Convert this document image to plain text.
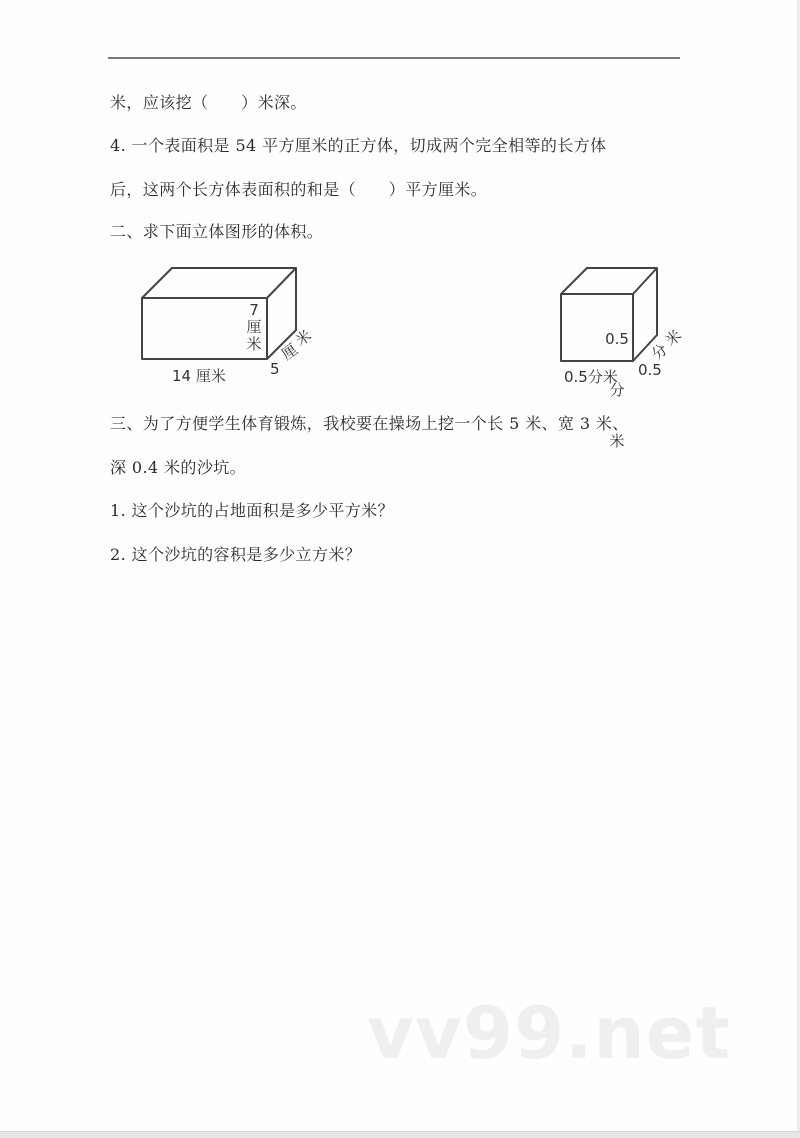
米，应该挖（　　）米深。
4. 一个表面积是 54 平方厘米的正方体，切成两个完全相等的长方体
后，这两个长方体表面积的和是（　　）平方厘米。
二、求下面立体图形的体积。
7
厘
米
14 厘米	5
厘
米

	0.5

分

米

0.5分米 0.5
分
米
三、为了方便学生体育锻炼，我校要在操场上挖一个长 5 米、宽 3 米、
深 0.4 米的沙坑。
1. 这个沙坑的占地面积是多少平方米？
2. 这个沙坑的容积是多少立方米？
vv99.net
